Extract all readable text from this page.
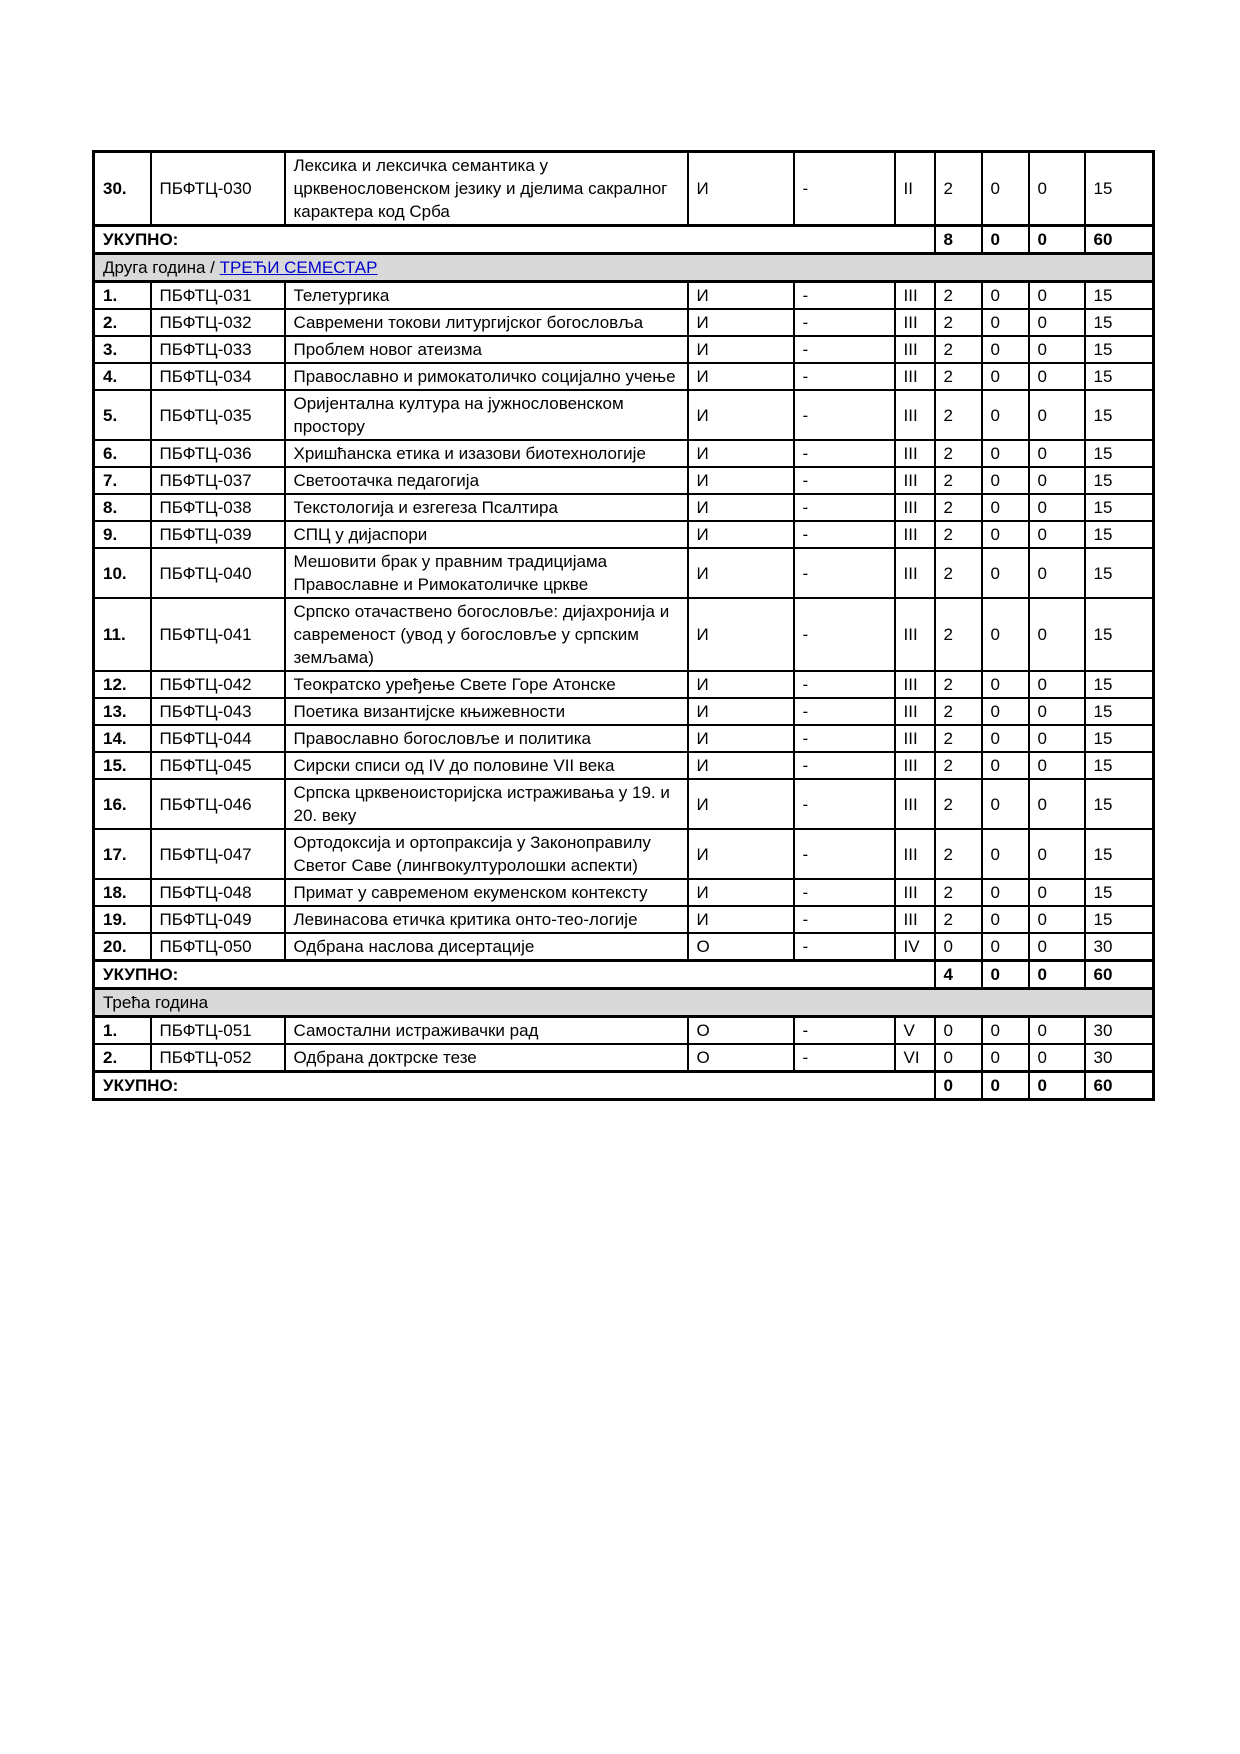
30.	ПБФТЦ-030	Лексика и лексичка семантика у црквенословенском језику и дјелима сакралног карактера код Срба	И	-	II	2	0	0	15
УКУПНО:						8	0	0	60
Друга година / ТРЕЋИ СЕМЕСТАР									
1.	ПБФТЦ-031	Телетургика	И	-	III	2	0	0	15
2.	ПБФТЦ-032	Савремени токови литургијског богословља	И	-	III	2	0	0	15
3.	ПБФТЦ-033	Проблем новог атеизма	И	-	III	2	0	0	15
4.	ПБФТЦ-034	Православно и римокатоличко социјално учење	И	-	III	2	0	0	15
5.	ПБФТЦ-035	Оријентална култура на јужнословенском простору	И	-	III	2	0	0	15
6.	ПБФТЦ-036	Хришћанска етика и изазови биотехнологије	И	-	III	2	0	0	15
7.	ПБФТЦ-037	Светоотачка педагогија	И	-	III	2	0	0	15
8.	ПБФТЦ-038	Текстологија и езгегеза Псалтира	И	-	III	2	0	0	15
9.	ПБФТЦ-039	СПЦ у дијаспори	И	-	III	2	0	0	15
10.	ПБФТЦ-040	Мешовити брак у правним традицијама Православне и Римокатоличке цркве	И	-	III	2	0	0	15
11.	ПБФТЦ-041	Српско отачаствено богословље: дијахронија и савременост (увод у богословље у српским земљама)	И	-	III	2	0	0	15
12.	ПБФТЦ-042	Теократско уређење Свете Горе Атонске	И	-	III	2	0	0	15
13.	ПБФТЦ-043	Поетика византијске књижевности	И	-	III	2	0	0	15
14.	ПБФТЦ-044	Православно богословље и политика	И	-	III	2	0	0	15
15.	ПБФТЦ-045	Сирски списи од IV до половине VII века	И	-	III	2	0	0	15
16.	ПБФТЦ-046	Српска црквеноисторијска истраживања у 19. и 20. веку	И	-	III	2	0	0	15
17.	ПБФТЦ-047	Ортодоксија и ортопраксија у Законоправилу Светог Саве (лингвокултуролошки аспекти)	И	-	III	2	0	0	15
18.	ПБФТЦ-048	Примат у савременом екуменском контексту	И	-	III	2	0	0	15
19.	ПБФТЦ-049	Левинасова етичка критика онто-тео-логије	И	-	III	2	0	0	15
20.	ПБФТЦ-050	Одбрана наслова дисертације	О	-	IV	0	0	0	30
УКУПНО:						4	0	0	60
Трећа година									
1.	ПБФТЦ-051	Самостални истраживачки рад	О	-	V	0	0	0	30
2.	ПБФТЦ-052	Одбрана доктрске тезе	О	-	VI	0	0	0	30
УКУПНО:						0	0	0	60
